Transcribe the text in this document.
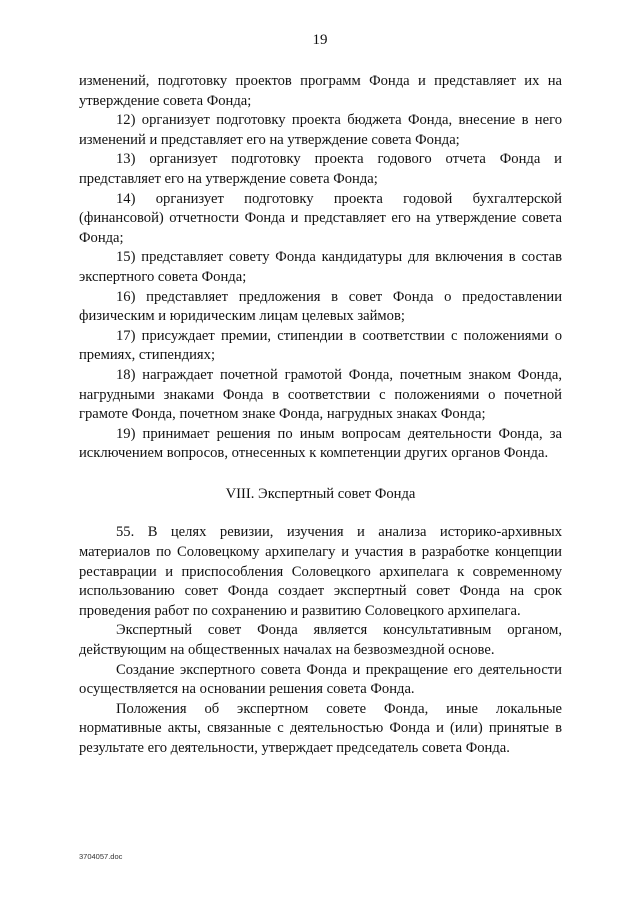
19

изменений, подготовку проектов программ Фонда и представляет их на утверждение совета Фонда;

12) организует подготовку проекта бюджета Фонда, внесение в него изменений и представляет его на утверждение совета Фонда;

13) организует подготовку проекта годового отчета Фонда и представляет его на утверждение совета Фонда;

14) организует подготовку проекта годовой бухгалтерской (финансовой) отчетности Фонда и представляет его на утверждение совета Фонда;

15) представляет совету Фонда кандидатуры для включения в состав экспертного совета Фонда;

16) представляет предложения в совет Фонда о предоставлении физическим и юридическим лицам целевых займов;

17) присуждает премии, стипендии в соответствии с положениями о премиях, стипендиях;

18) награждает почетной грамотой Фонда, почетным знаком Фонда, нагрудными знаками Фонда в соответствии с положениями о почетной грамоте Фонда, почетном знаке Фонда, нагрудных знаках Фонда;

19) принимает решения по иным вопросам деятельности Фонда, за исключением вопросов, отнесенных к компетенции других органов Фонда.

VIII. Экспертный совет Фонда

55. В целях ревизии, изучения и анализа историко-архивных материалов по Соловецкому архипелагу и участия в разработке концепции реставрации и приспособления Соловецкого архипелага к современному использованию совет Фонда создает экспертный совет Фонда на срок проведения работ по сохранению и развитию Соловецкого архипелага.

Экспертный совет Фонда является консультативным органом, действующим на общественных началах на безвозмездной основе.

Создание экспертного совета Фонда и прекращение его деятельности осуществляется на основании решения совета Фонда.

Положения об экспертном совете Фонда, иные локальные нормативные акты, связанные с деятельностью Фонда и (или) принятые в результате его деятельности, утверждает председатель совета Фонда.

3704057.doc
